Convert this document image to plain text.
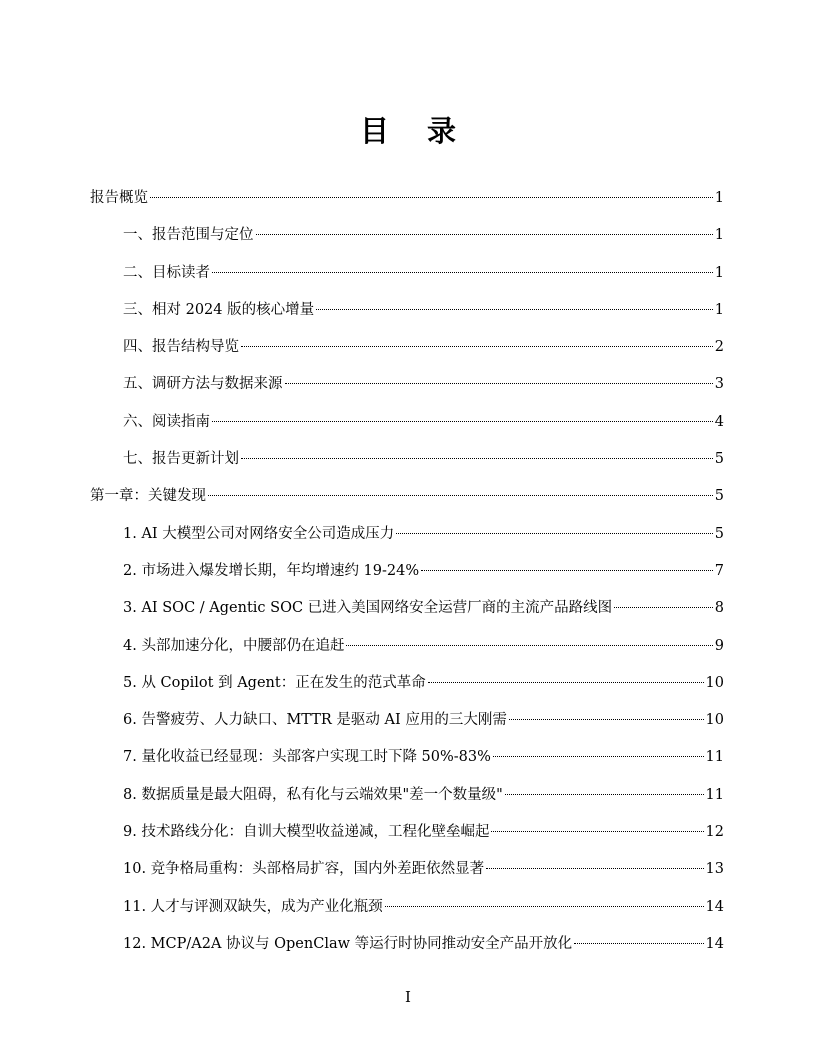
目 录
报告概览	1
一、报告范围与定位	1
二、目标读者	1
三、相对 2024 版的核心增量	1
四、报告结构导览	2
五、调研方法与数据来源	3
六、阅读指南	4
七、报告更新计划	5
第一章：关键发现	5
1. AI 大模型公司对网络安全公司造成压力	5
2. 市场进入爆发增长期，年均增速约 19-24%	7
3. AI SOC / Agentic SOC 已进入美国网络安全运营厂商的主流产品路线图	8
4. 头部加速分化，中腰部仍在追赶	9
5. 从 Copilot 到 Agent：正在发生的范式革命	10
6. 告警疲劳、人力缺口、MTTR 是驱动 AI 应用的三大刚需	10
7. 量化收益已经显现：头部客户实现工时下降 50%-83%	11
8. 数据质量是最大阻碍，私有化与云端效果"差一个数量级"	11
9. 技术路线分化：自训大模型收益递减，工程化壁垒崛起	12
10. 竞争格局重构：头部格局扩容，国内外差距依然显著	13
11. 人才与评测双缺失，成为产业化瓶颈	14
12. MCP/A2A 协议与 OpenClaw 等运行时协同推动安全产品开放化	14
I
